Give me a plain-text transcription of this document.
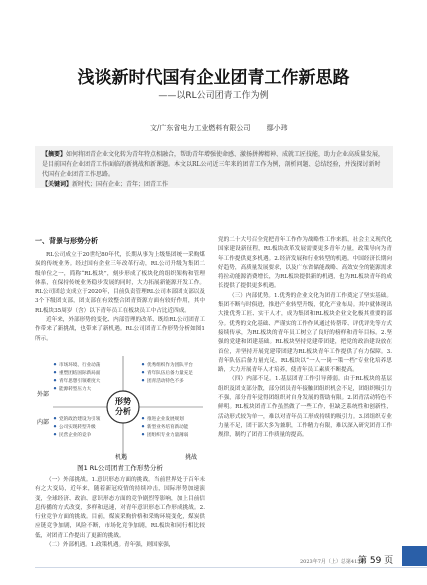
浅谈新时代国有企业团青工作新思路
——以RL公司团青工作为例
文/广东省电力工业燃料有限公司 鄢小玮
【摘要】如何将团青企业文化转为青年特点相融合，帮助青年增强使命感、激扬拼搏精神、成就工匠技能，助力企业高质量发展，是目前国有企业团青工作面临的新挑战和新课题。本文以RL公司近三年来的团青工作为例，剖析问题、总结经验，并浅探讨新时代国有企业团青工作思路。
【关键词】新时代；国有企业；青年；团青工作
一、背景与形势分析

RL公司成立于20世纪80年代，长期从事为上级集团统一采购煤炭的传统业务。经过国有企业三年改革行动，RL公司升级为集团二级单位之一，简称“RL板块”，刻步形成了板块化的组织架构和管理体系，在保持传统业务稳步发展的同时，大力拓展新能源开发工作。RL公司团总支成立于2020年，目前负责管理RL公司本部团支部以及3个下级团支部，团支部在有效整合团青资源方面有较好作用，其中RL板块35周岁（含）以下青年员工在板块员工中占比近四成。

近年来，外部形势的变化、内部管理的改革、既给RL公司团青工作带来了新挑战，也带来了新机遇。RL公司团青工作形势分析如图1所示。

形势
分析
外部
内部
机遇	挑战
市场环境、行业动荡
重塑团结国际新局面
青年思想引领难度大
能源转型压力大
优秀组织作为团队平台
青年队伍后备力量充足
团青活动特色不多
党的政治建设为引领
公司实现转型升级
民营企业的竞争
推进企业发展规划
新型业务培育新动能
团组织专业力量薄弱
图1 RL公司团青工作形势分析

（一）外部挑战。1.意识形态方面的挑战。当前世界处于百年未有之大变局，近年来，随着新冠疫情的持续冲击，国际形势加速演变，全球经济、政治、意识形态方面的竞争剧烈等影响，加上目前信息传播的方式改变，多样和迅速，对青年意识形态工作形成挑战。2.行业竞争方面的挑战。目前，煤炭采购价格和采购环境变化，煤炭供应链竞争加剧，风险不断，市场化竞争加剧，RL板块和同行相比较低，对团青工作提出了更新的挑战。

（二）外部机遇。1.政策机遇。青年强，则国家强，

党的二十大号召全党把青年工作作为战略性工作来抓，社会主义现代化国家建设新征程，RL板块改革发展需要更多青年力量，政策导向为青年工作提供更多机遇。2.经济发展和行业转型的机遇。中国经济长期向好趋势，高质量发展要求，以及广东省储能战略、高效安全的能源需求将拉动能源消费增长，为RL板块提供新的机遇，也为RL板块青年的成长提供了提供更多机遇。

（三）内部优势。1.优秀的企业文化为团青工作奠定了坚实基础。集团不断与时俱进，推进产业转型升级，优化产业布局。其中就体现出大批优秀工匠、实干人才，成为集团和RL板块企业文化极其重要的部分。优秀的文化基础、严谨实的工作作风通过传帮带、评优评先等方式接续传承，为RL板块的青年员工树立了良好的榜样和青年目标。2.坚强的党建和团建基础。RL板块坚持党建带团建，把党的政治建设放在首位，并坚持开展党建带团建为RL板块青年工作提供了有力保障。3.青年队伍后备力量充足，RL板块以“一人一岗一策一档”专业化培养思路，大力开展青年人才培养，使青年员工素质不断提高。

（四）内部不足。1.基层团青工作引导薄弱。由于RL板块的基层组织及团支部分散，部分团员青年接触团组织机会不足，团组织吸引力不强，部分青年觉得团组织对自身发展的帮助有限。2.团青活动特色不鲜明。RL板块团青工作虽然做了一些工作，但缺乏系统性和创新性，活动形式较为单一，难以对青年员工形成持续的吸引力。3.团组织专业力量不足，团干部大多为兼职，工作精力有限，难以深入研究团青工作规律，制约了团青工作质量的提高。

2023年7月（上）总第415期
第 59 页
